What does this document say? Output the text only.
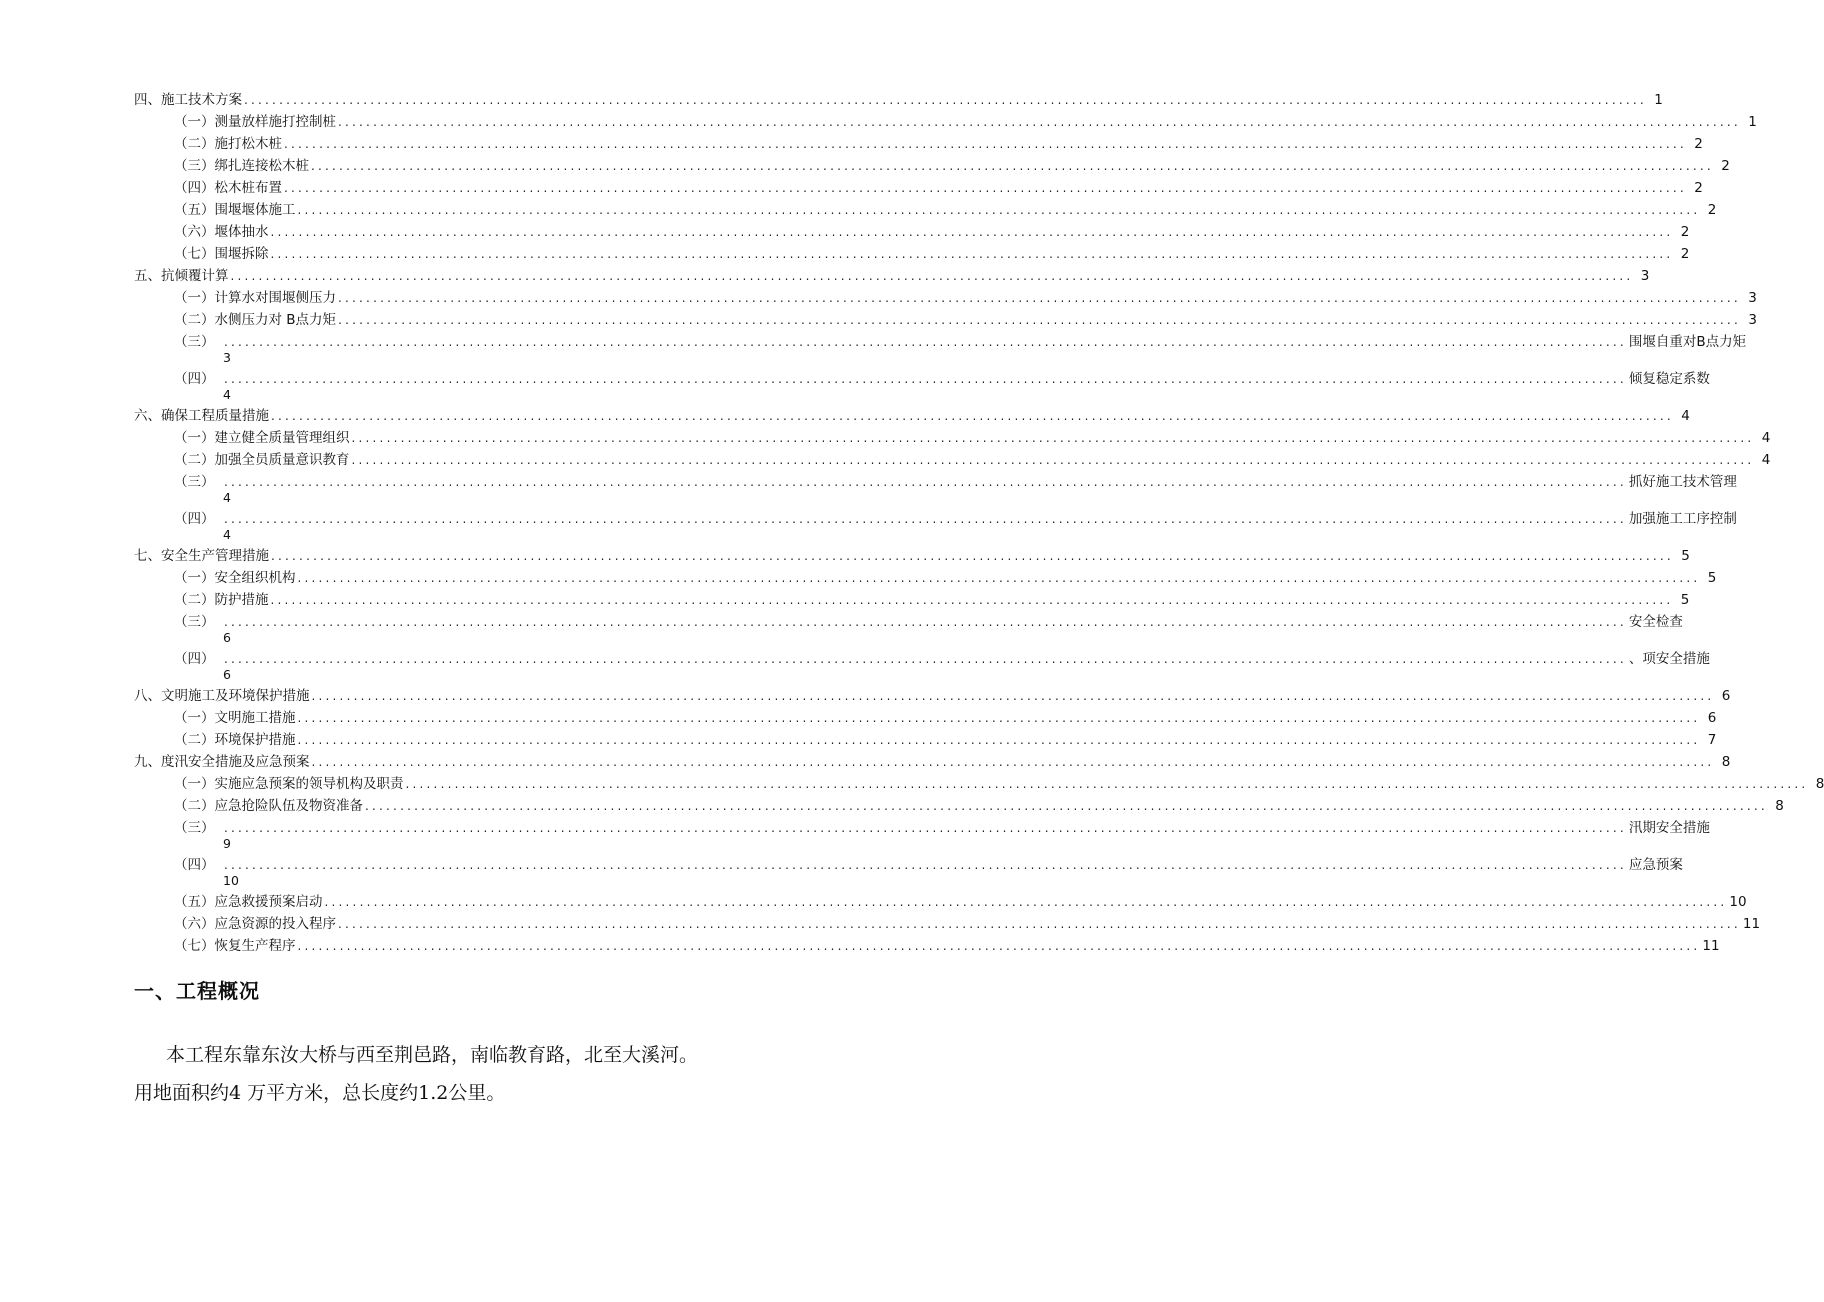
四、施工技术方案 ........................................................................................................................................................................................................ 1
（一）测量放样施打控制桩 ........................................................................................................................................................................................................ 1
（二）施打松木桩 ........................................................................................................................................................................................................ 2
（三）绑扎连接松木桩 ........................................................................................................................................................................................................ 2
（四）松木桩布置 ........................................................................................................................................................................................................ 2
（五）围堰堰体施工 ........................................................................................................................................................................................................ 2
（六）堰体抽水 ........................................................................................................................................................................................................ 2
（七）围堰拆除 ........................................................................................................................................................................................................ 2
五、抗倾覆计算 ........................................................................................................................................................................................................ 3
（一）计算水对围堰侧压力 ........................................................................................................................................................................................................ 3
（二）水侧压力对 B点力矩 ........................................................................................................................................................................................................ 3
（三） ........................................................................................................................................................................................................ 围堰自重对B点力矩
3
（四） ........................................................................................................................................................................................................ 倾复稳定系数
4
六、确保工程质量措施 ........................................................................................................................................................................................................ 4
（一）建立健全质量管理组织 ........................................................................................................................................................................................................ 4
（二）加强全员质量意识教育 ........................................................................................................................................................................................................ 4
（三） ........................................................................................................................................................................................................ 抓好施工技术管理
4
（四） ........................................................................................................................................................................................................ 加强施工工序控制
4
七、安全生产管理措施 ........................................................................................................................................................................................................ 5
（一）安全组织机构 ........................................................................................................................................................................................................ 5
（二）防护措施 ........................................................................................................................................................................................................ 5
（三） ........................................................................................................................................................................................................ 安全检查
6
（四） ........................................................................................................................................................................................................ 、项安全措施
6
八、文明施工及环境保护措施 ........................................................................................................................................................................................................ 6
（一）文明施工措施 ........................................................................................................................................................................................................ 6
（二）环境保护措施 ........................................................................................................................................................................................................ 7
九、度汛安全措施及应急预案 ........................................................................................................................................................................................................ 8
（一）实施应急预案的领导机构及职责 ........................................................................................................................................................................................................ 8
（二）应急抢险队伍及物资准备 ........................................................................................................................................................................................................ 8
（三） ........................................................................................................................................................................................................ 汛期安全措施
9
（四） ........................................................................................................................................................................................................ 应急预案
10
（五）应急救援预案启动 ........................................................................................................................................................................................................ 10
（六）应急资源的投入程序 ........................................................................................................................................................................................................ 11
（七）恢复生产程序 ........................................................................................................................................................................................................ 11
一、工程概况
本工程东靠东汝大桥与西至荆邑路，南临教育路，北至大溪河。
用地面积约4 万平方米，总长度约1.2公里。
